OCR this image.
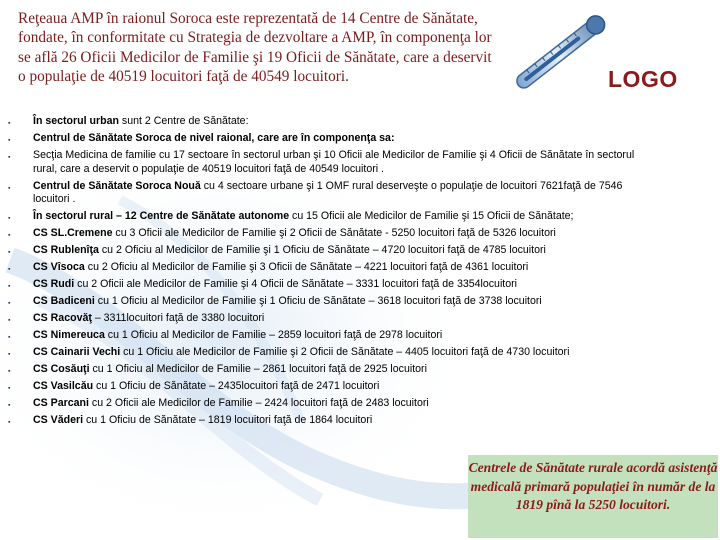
Reţeaua AMP în raionul Soroca este reprezentată de 14 Centre de Sănătate, fondate, în conformitate cu Strategia de dezvoltare a AMP, în componenţa lor se află 26 Oficii Medicilor de Familie şi 19 Oficii de Sănătate, care a deservit o populaţie de 40519 locuitori faţă de 40549 locuitori.	LOGO
▪ În sectorul urban sunt 2 Centre de Sănătate:
▪ Centrul de Sănătate Soroca de nivel raional, care are în componenţa sa:
▪ Secţia Medicina de familie cu 17 sectoare în sectorul urban şi 10 Oficii ale Medicilor de Familie şi 4 Oficii de Sănătate în sectorul rural, care a deservit o populaţie de 40519 locuitori faţă de 40549 locuitori .
▪ Centrul de Sănătate Soroca Nouă cu 4 sectoare urbane şi 1 OMF rural deserveşte o populaţie de locuitori 7621faţă de 7546 locuitori .
▪ În sectorul rural – 12 Centre de Sănătate autonome cu 15 Oficii ale Medicilor de Familie şi 15 Oficii de Sănătate;
▪ CS SL.Cremene cu 3 Oficii ale Medicilor de Familie şi 2 Oficii de Sănătate - 5250 locuitori faţă de 5326 locuitori
▪ CS Rublenîţa cu 2 Oficiu al Medicilor de Familie şi 1 Oficiu de Sănătate – 4720 locuitori faţă de 4785 locuitori
▪ CS Vîsoca cu 2 Oficiu al Medicilor de Familie şi 3 Oficii de Sănătate – 4221 locuitori faţă de 4361 locuitori
▪ CS Rudi cu 2 Oficii ale Medicilor de Familie şi 4 Oficii de Sănătate – 3331 locuitori faţă de 3354locuitori
▪ CS Badiceni cu 1 Oficiu al Medicilor de Familie şi 1 Oficiu de Sănătate – 3618 locuitori faţă de 3738 locuitori
▪ CS Racovăţ – 3311locuitori faţă de 3380 locuitori
▪ CS Nimereuca cu 1 Oficiu al Medicilor de Familie – 2859 locuitori faţă de 2978 locuitori
▪ CS Cainarii Vechi cu 1 Oficiu ale Medicilor de Familie şi 2 Oficii de Sănătate – 4405 locuitori faţă de 4730 locuitori
▪ CS Cosăuţi cu 1 Oficiu al Medicilor de Familie – 2861 locuitori faţă de 2925 locuitori
▪ CS Vasilcău cu 1 Oficiu de Sănătate – 2435locuitori faţă de 2471 locuitori
▪ CS Parcani cu 2 Oficii ale Medicilor de Familie – 2424 locuitori faţă de 2483 locuitori
▪ CS Văderi cu 1 Oficiu de Sănătate – 1819 locuitori faţă de 1864 locuitori
Centrele de Sănătate rurale acordă asistenţă medicală primară populaţiei în număr de la 1819 pînă la 5250 locuitori.
